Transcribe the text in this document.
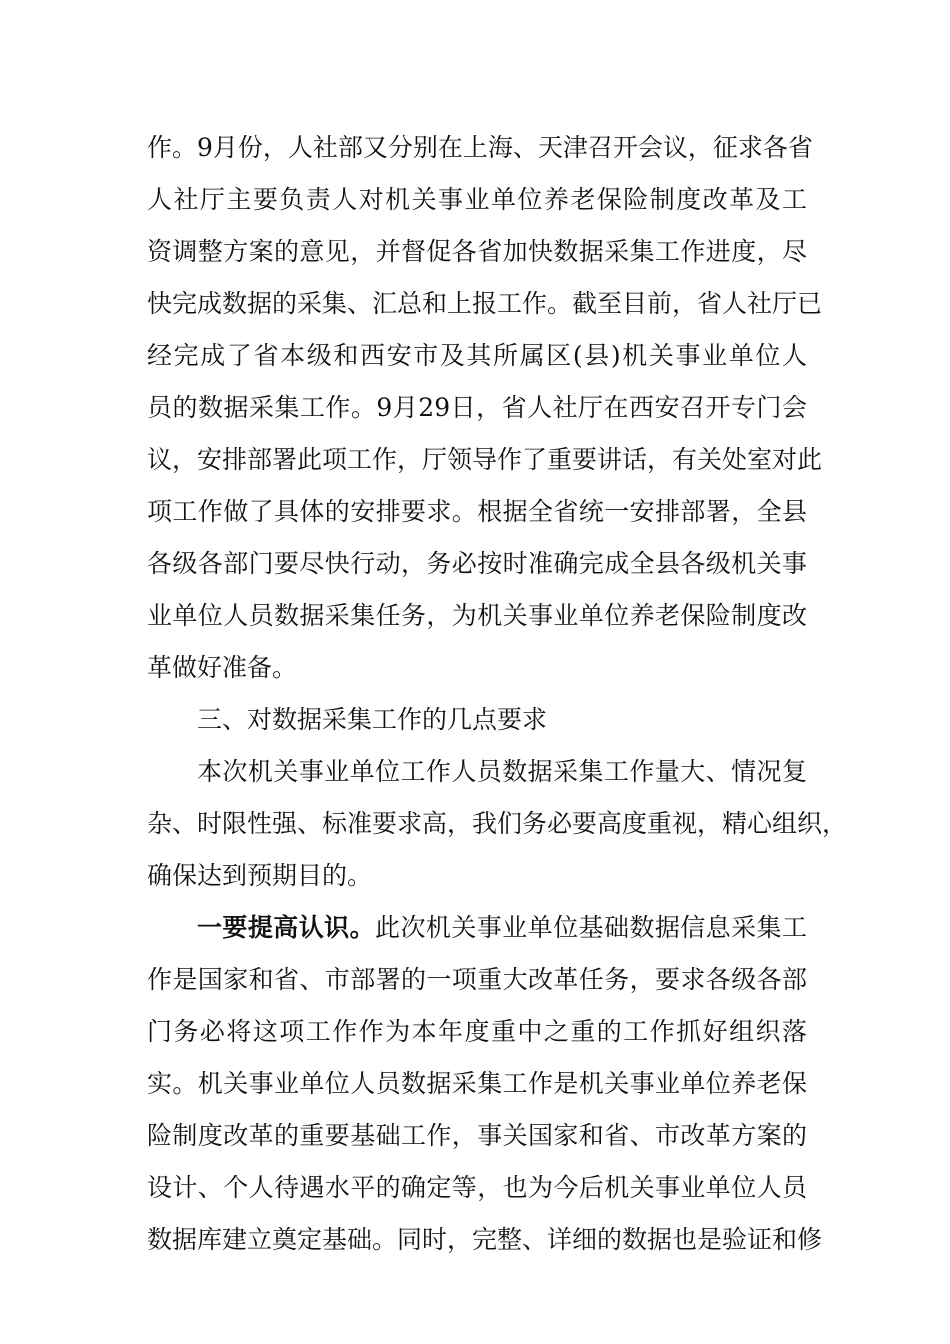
作。9月份，人社部又分别在上海、天津召开会议，征求各省
人社厅主要负责人对机关事业单位养老保险制度改革及工
资调整方案的意见，并督促各省加快数据采集工作进度，尽
快完成数据的采集、汇总和上报工作。截至目前，省人社厅已
经完成了省本级和西安市及其所属区(县)机关事业单位人
员的数据采集工作。9月29日，省人社厅在西安召开专门会
议，安排部署此项工作，厅领导作了重要讲话，有关处室对此
项工作做了具体的安排要求。根据全省统一安排部署，全县
各级各部门要尽快行动，务必按时准确完成全县各级机关事
业单位人员数据采集任务，为机关事业单位养老保险制度改
革做好准备。
三、对数据采集工作的几点要求
本次机关事业单位工作人员数据采集工作量大、情况复
杂、时限性强、标准要求高，我们务必要高度重视，精心组织，
确保达到预期目的。
一要提高认识。此次机关事业单位基础数据信息采集工
作是国家和省、市部署的一项重大改革任务，要求各级各部
门务必将这项工作作为本年度重中之重的工作抓好组织落
实。机关事业单位人员数据采集工作是机关事业单位养老保
险制度改革的重要基础工作，事关国家和省、市改革方案的
设计、个人待遇水平的确定等，也为今后机关事业单位人员
数据库建立奠定基础。同时，完整、详细的数据也是验证和修
